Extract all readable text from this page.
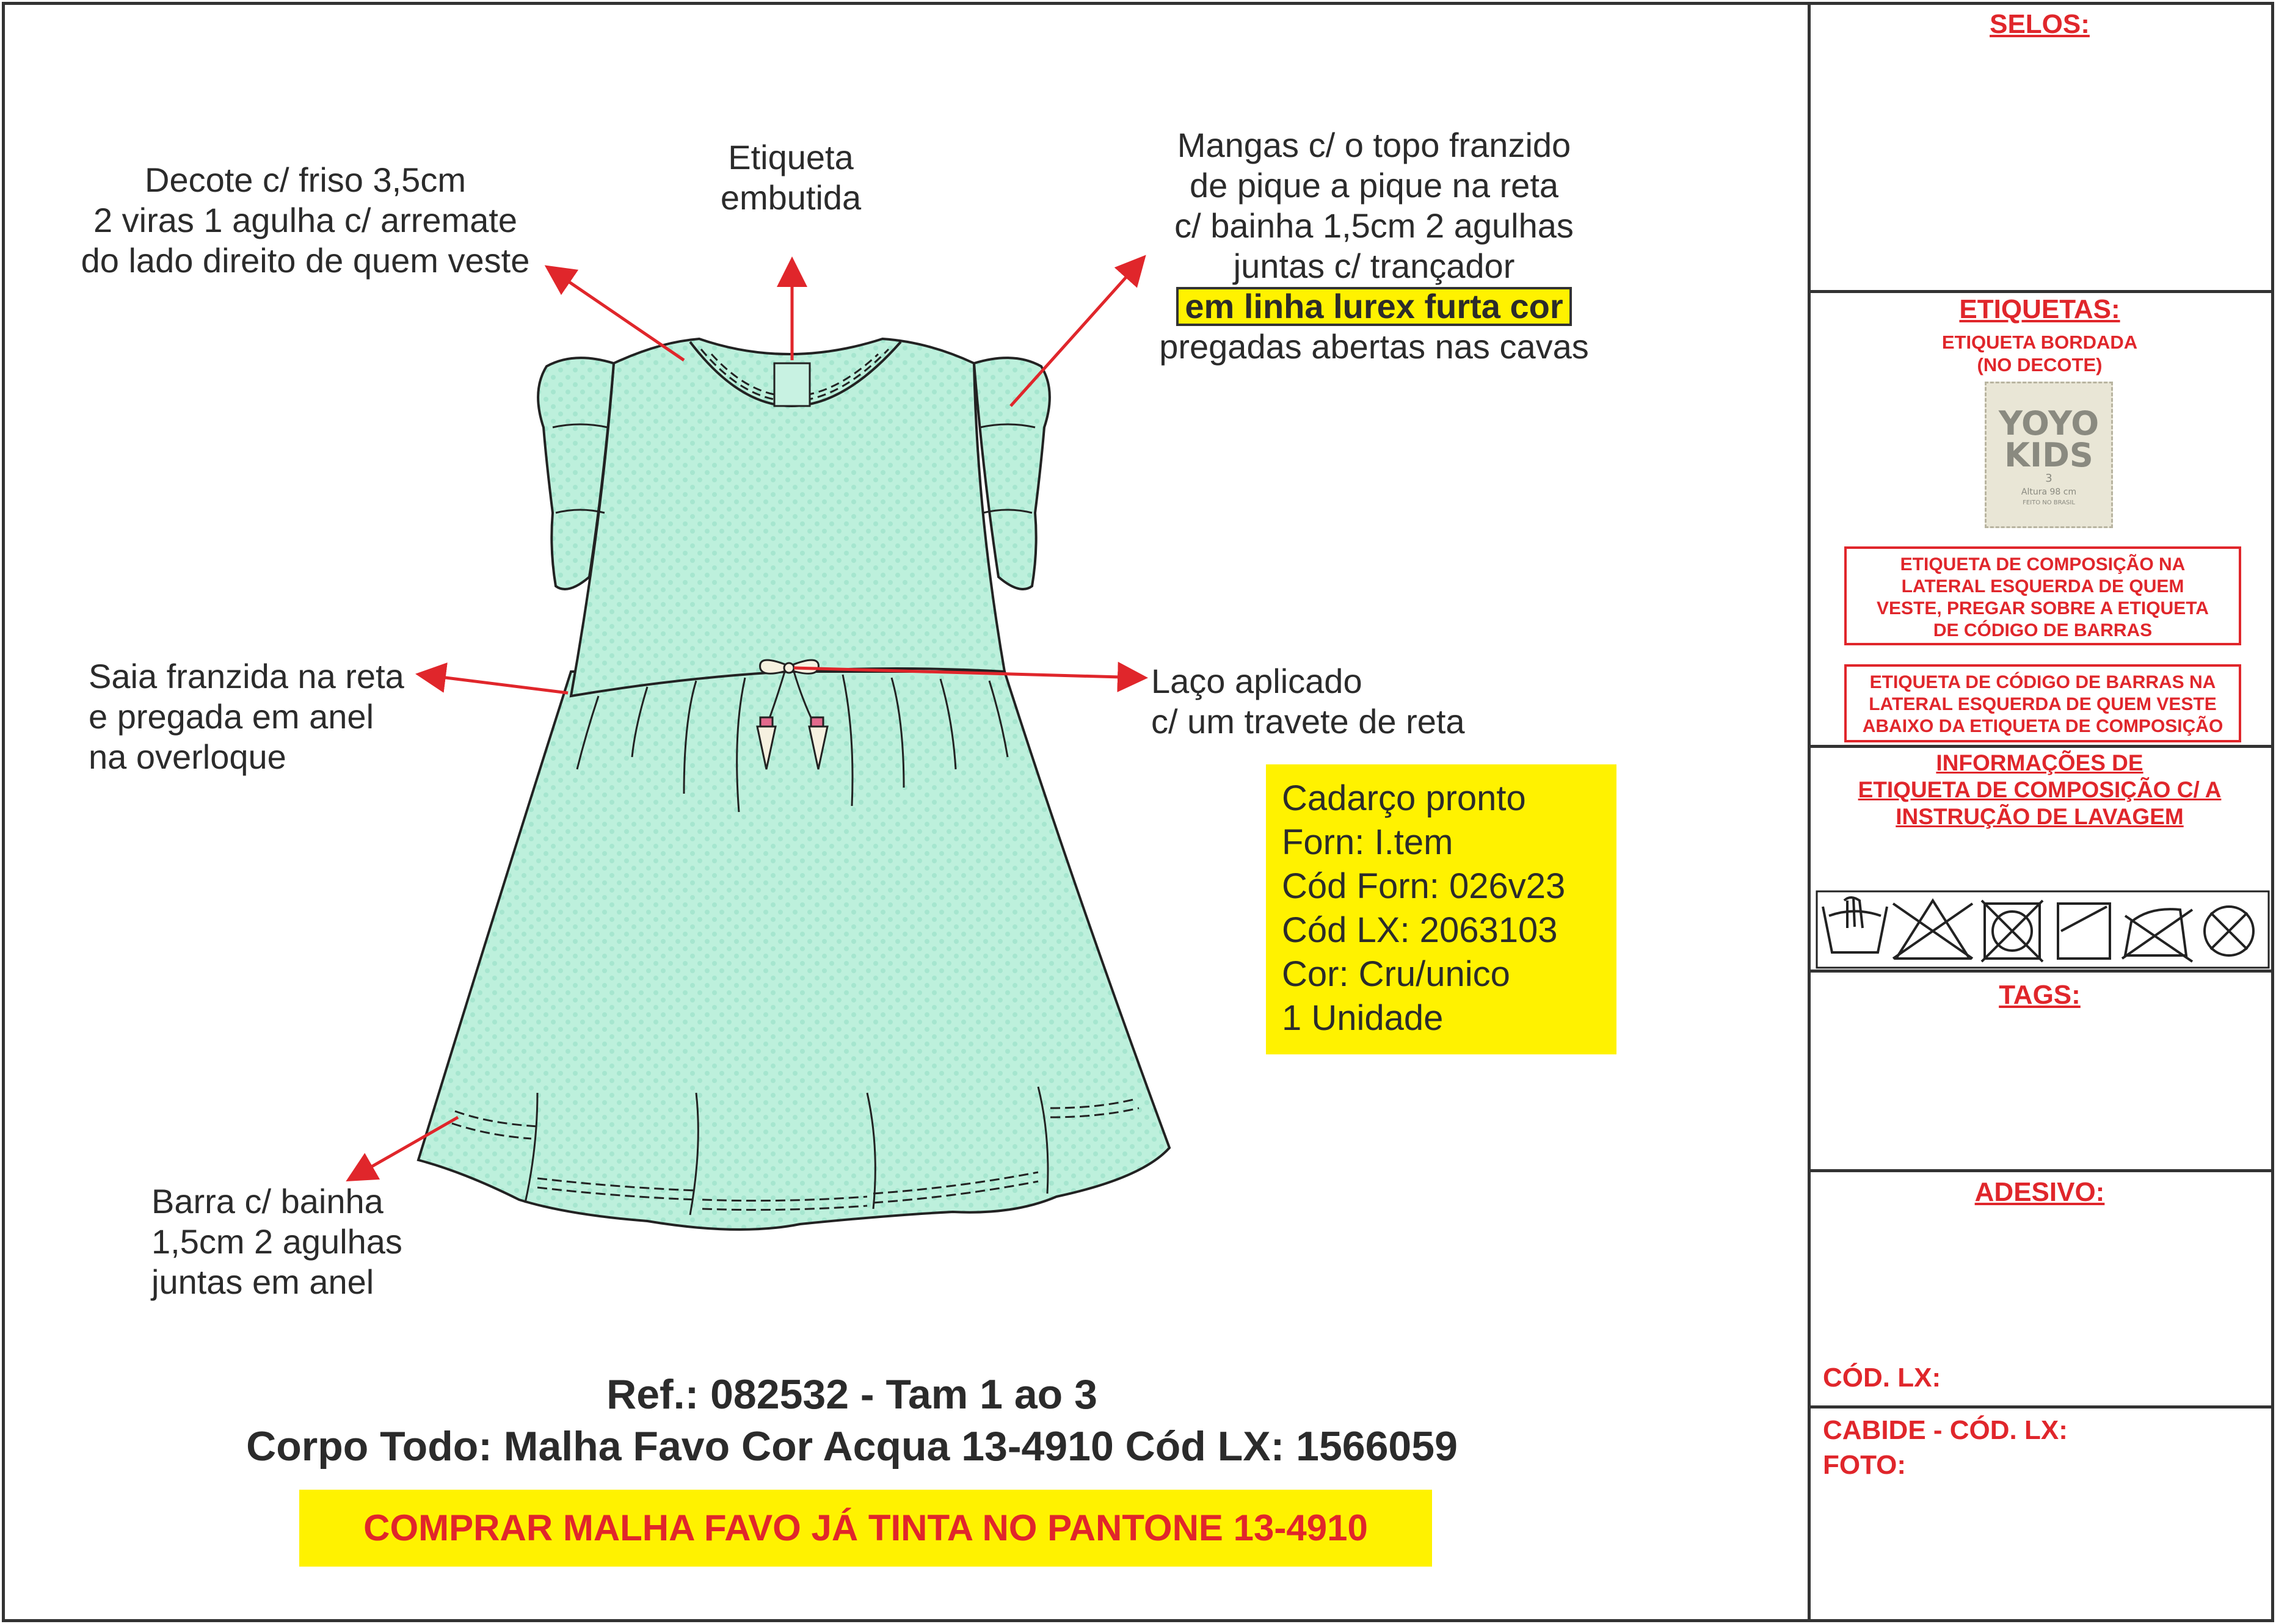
Decote c/ friso 3,5cm
2 viras 1 agulha c/ arremate
do lado direito de quem veste
Etiqueta
embutida
Mangas c/ o topo franzido
de pique a pique na reta
c/ bainha 1,5cm 2 agulhas
juntas c/ trançador
em linha lurex furta cor
pregadas abertas nas cavas
Saia franzida na reta
e pregada em anel
na overloque
Laço aplicado
c/ um travete de reta
Barra c/ bainha
1,5cm 2 agulhas
juntas em anel
Cadarço pronto
Forn: I.tem
Cód Forn: 026v23
Cód LX: 2063103
Cor: Cru/unico
1 Unidade
Ref.: 082532 - Tam 1 ao 3
Corpo Todo: Malha Favo Cor Acqua 13-4910 Cód LX: 1566059
COMPRAR MALHA FAVO JÁ TINTA NO PANTONE 13-4910
SELOS:
ETIQUETAS:
ETIQUETA BORDADA
(NO DECOTE)
YOYO
KIDS
3
Altura 98 cm
FEITO NO BRASIL
ETIQUETA DE COMPOSIÇÃO NA
LATERAL ESQUERDA DE QUEM
VESTE, PREGAR SOBRE A ETIQUETA
DE CÓDIGO DE BARRAS
ETIQUETA DE CÓDIGO DE BARRAS NA
LATERAL ESQUERDA DE QUEM VESTE
ABAIXO DA ETIQUETA DE COMPOSIÇÃO
INFORMAÇÕES DE
ETIQUETA DE COMPOSIÇÃO C/ A
INSTRUÇÃO DE LAVAGEM
TAGS:
ADESIVO:
CÓD. LX:
CABIDE - CÓD. LX:
FOTO:
